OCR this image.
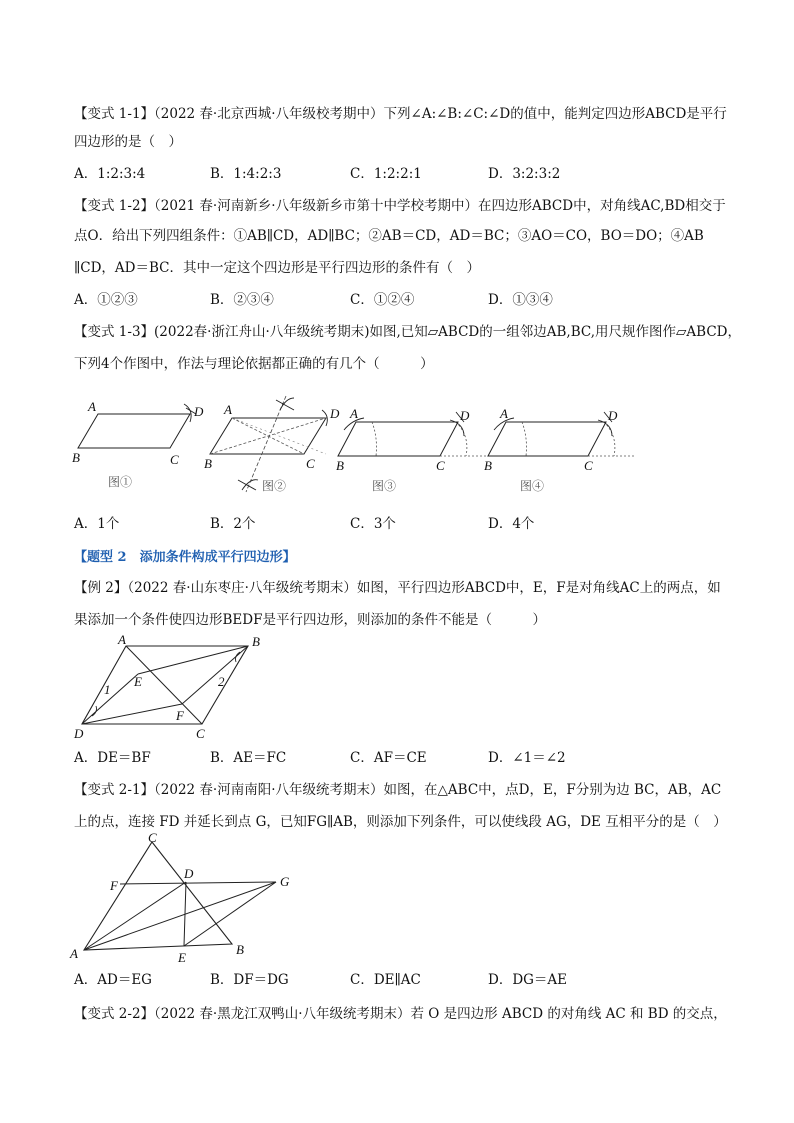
【变式 1-1】（2022 春·北京西城·八年级校考期中）下列∠A:∠B:∠C:∠D的值中，能判定四边形ABCD是平行
四边形的是（　）
A．1:2:3:4	B．1:4:2:3	C．1:2:2:1	D．3:2:3:2
【变式 1-2】（2021 春·河南新乡·八年级新乡市第十中学校考期中）在四边形ABCD中，对角线AC,BD相交于
点O．给出下列四组条件：①AB∥CD，AD∥BC；②AB＝CD，AD＝BC；③AO＝CO，BO＝DO；④AB
∥CD，AD＝BC．其中一定这个四边形是平行四边形的条件有（　）
A．①②③	B．②③④	C．①②④	D．①③④
【变式 1-3】(2022春·浙江舟山·八年级统考期末)如图,已知▱ABCD的一组邻边AB,BC,用尺规作图作▱ABCD，
下列4个作图中，作法与理论依据都正确的有几个（　　　）
A	D
B	C
图①
A	D
B	C
图②
A	D
B	C
图③
A	D
B	C
图④
A．1个	B．2个	C．3个	D．4个
【题型 2　添加条件构成平行四边形】
【例 2】（2022 春·山东枣庄·八年级统考期末）如图，平行四边形ABCD中，E，F是对角线AC上的两点，如
果添加一个条件使四边形BEDF是平行四边形，则添加的条件不能是（　　　）
A	B
D	C
E
F
1
2
A．DE＝BF	B．AE＝FC	C．AF＝CE	D．∠1＝∠2
【变式 2-1】（2022 春·河南南阳·八年级统考期末）如图，在△ABC中，点D，E，F分别为边 BC，AB，AC
上的点，连接 FD 并延长到点 G，已知FG∥AB，则添加下列条件，可以使线段 AG，DE 互相平分的是（　）
C
F
D
G
A	E
B
A．AD＝EG	B．DF＝DG	C．DE∥AC	D．DG＝AE
【变式 2-2】（2022 春·黑龙江双鸭山·八年级统考期末）若 O 是四边形 ABCD 的对角线 AC 和 BD 的交点，
